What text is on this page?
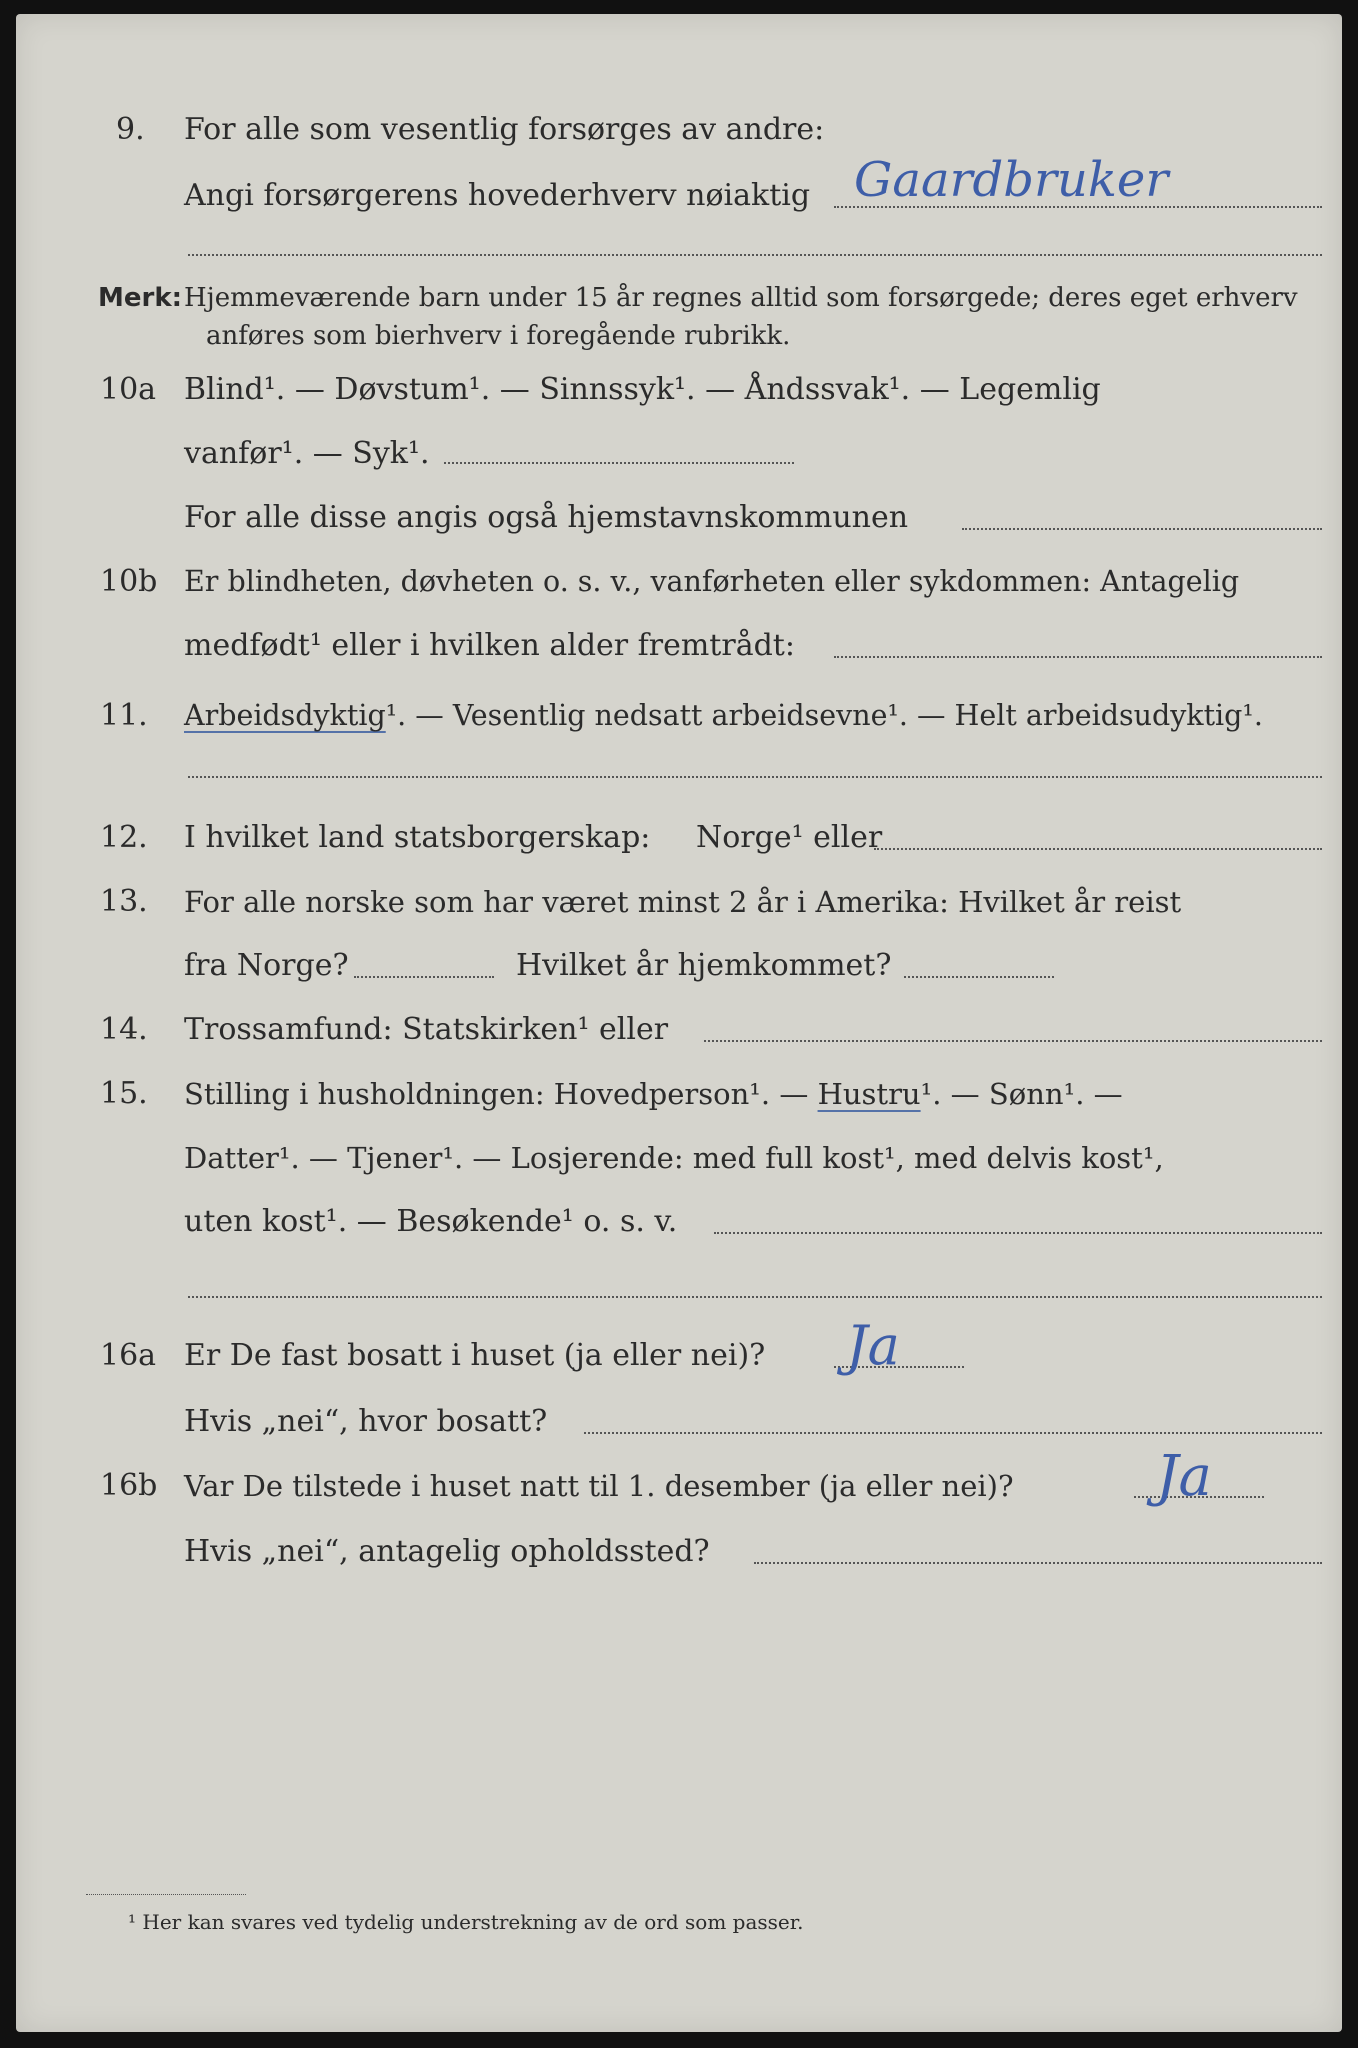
9. For alle som vesentlig forsørges av andre:
Angi forsørgerens hovederhverv nøiaktig Gaardbruker
Merk: Hjemmeværende barn under 15 år regnes alltid som forsørgede; deres eget erhverv
anføres som bierhverv i foregående rubrikk.
10a Blind¹. — Døvstum¹. — Sinnssyk¹. — Åndssvak¹. — Legemlig
vanfør¹. — Syk¹.
For alle disse angis også hjemstavnskommunen
10b Er blindheten, døvheten o. s. v., vanførheten eller sykdommen: Antagelig
medfødt¹ eller i hvilken alder fremtrådt:
11. Arbeidsdyktig¹. — Vesentlig nedsatt arbeidsevne¹. — Helt arbeidsudyktig¹.
12. I hvilket land statsborgerskap: Norge¹ eller
13. For alle norske som har været minst 2 år i Amerika: Hvilket år reist
fra Norge?	Hvilket år hjemkommet?
14. Trossamfund: Statskirken¹ eller
15. Stilling i husholdningen: Hovedperson¹. — Hustru¹. — Sønn¹. —
Datter¹. — Tjener¹. — Losjerende: med full kost¹, med delvis kost¹,
uten kost¹. — Besøkende¹ o. s. v.
16a Er De fast bosatt i huset (ja eller nei)? Ja
Hvis „nei“, hvor bosatt?
16b Var De tilstede i huset natt til 1. desember (ja eller nei)?	Ja
Hvis „nei“, antagelig opholdssted?
¹ Her kan svares ved tydelig understrekning av de ord som passer.
